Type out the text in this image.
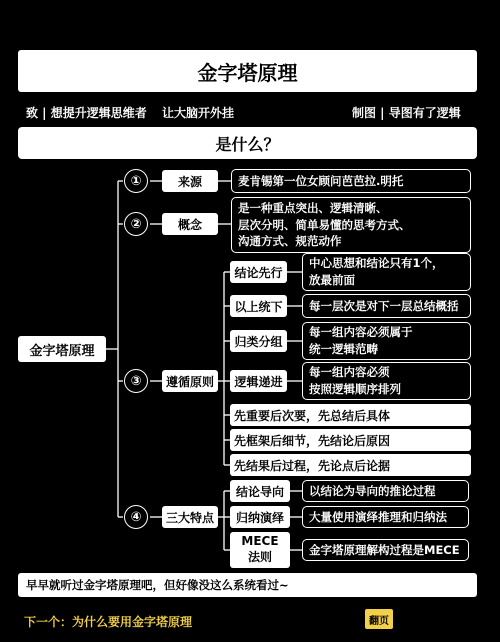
金字塔原理
致 | 想提升逻辑思维者 让大脑开外挂	制图 | 导图有了逻辑
是什么？
金字塔原理
①	来源	麦肯锡第一位女顾问芭芭拉.明托
②	概念
是一种重点突出、逻辑清晰、
层次分明、简单易懂的思考方式、
沟通方式、规范动作
③	遵循原则
结论先行
中心思想和结论只有1个，
放最前面
以上统下	每一层次是对下一层总结概括
归类分组
每一组内容必须属于
统一逻辑范畴
逻辑递进
每一组内容必须
按照逻辑顺序排列
先重要后次要，先总结后具体
先框架后细节，先结论后原因
先结果后过程，先论点后论据
④	三大特点
结论导向	以结论为导向的推论过程
归纳演绎	大量使用演绎推理和归纳法
MECE
法则
金字塔原理解构过程是MECE
早早就听过金字塔原理吧，但好像没这么系统看过~
下一个：为什么要用金字塔原理	翻页
